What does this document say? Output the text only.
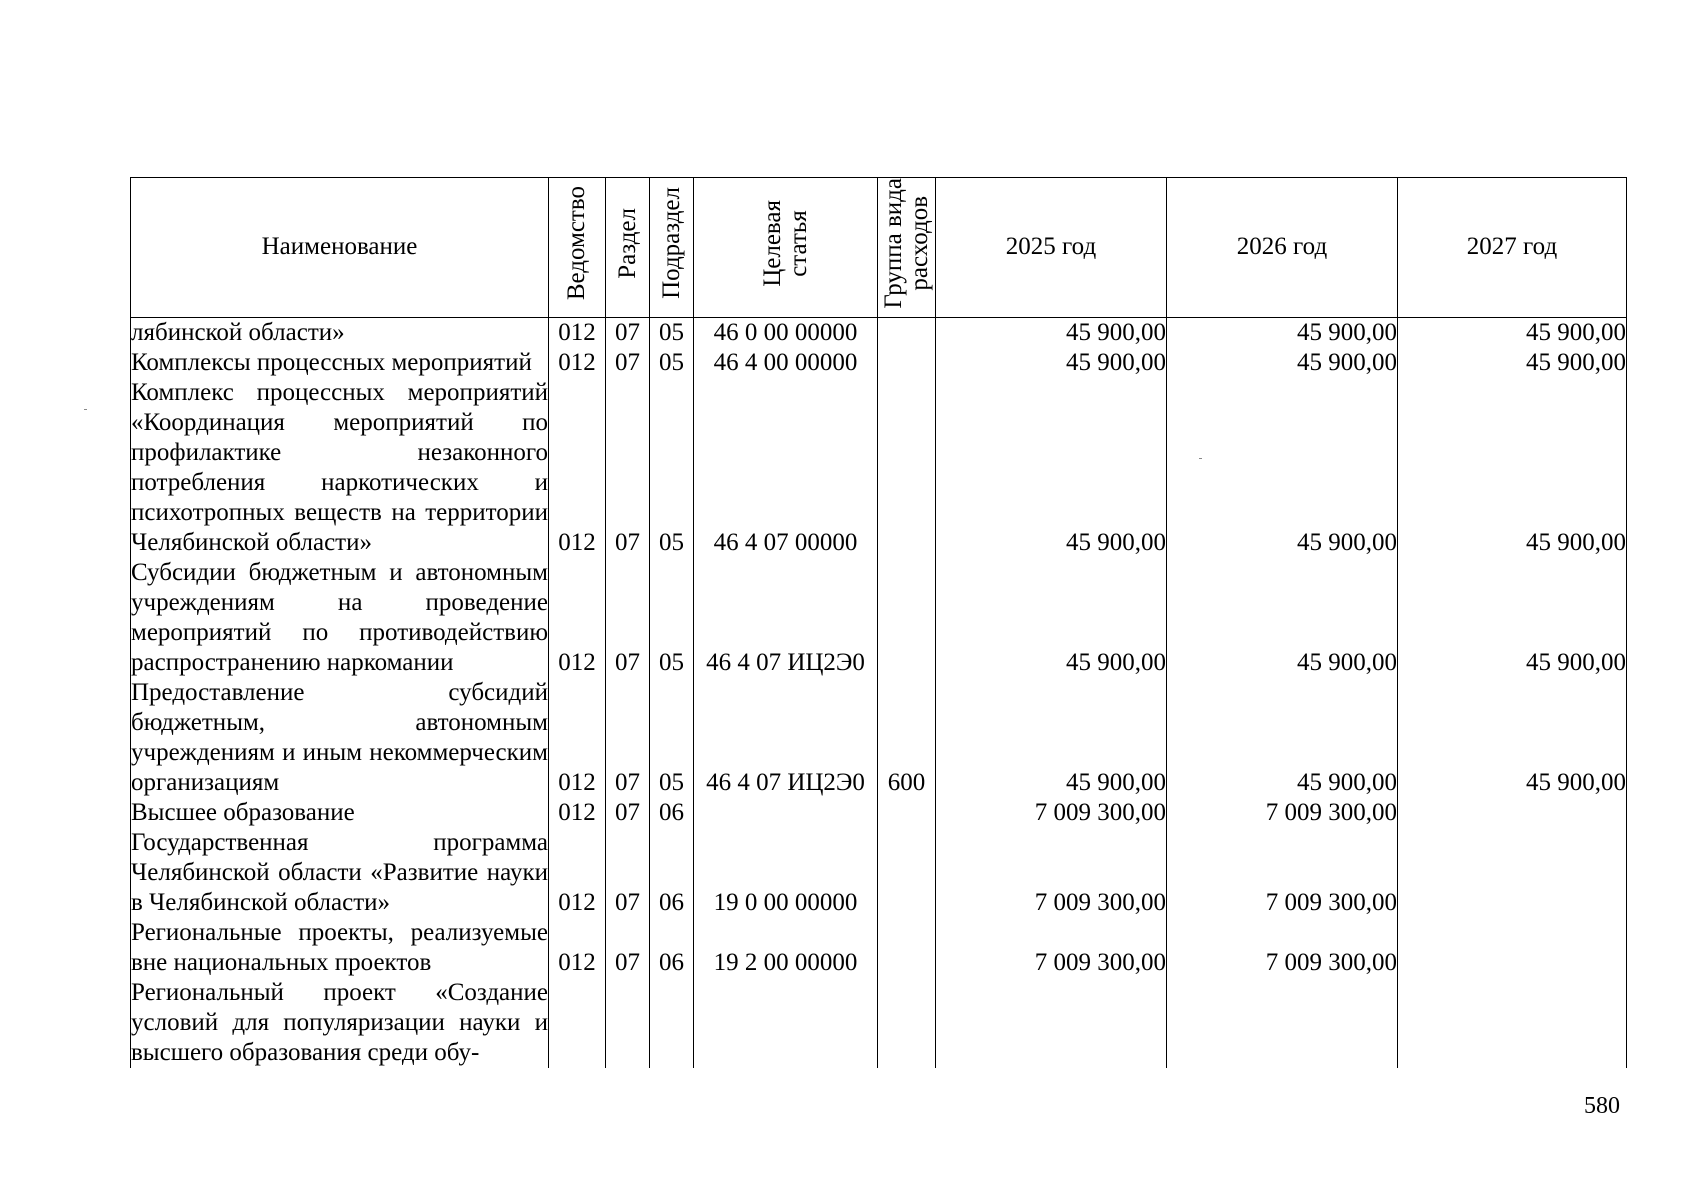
Наименование	Ведомство	Раздел	Подраздел	Целевая
статья	Группа вида
расходов	2025 год	2026 год	2027 год
лябинской области»	012	07	05	46 0 00 00000		45 900,00	45 900,00	45 900,00
Комплексы процессных мероприятий	012	07	05	46 4 00 00000		45 900,00	45 900,00	45 900,00
Комплекс процессных мероприятий «Координация мероприятий по профилактике незаконного потребления наркотических и психотропных веществ на территории Челябинской области»	012	07	05	46 4 07 00000		45 900,00	45 900,00	45 900,00
Субсидии бюджетным и автономным учреждениям на проведение мероприятий по противодействию распространению наркомании	012	07	05	46 4 07 ИЦ2Э0		45 900,00	45 900,00	45 900,00
Предоставление субсидий бюджетным, автономным учреждениям и иным некоммерческим организациям	012	07	05	46 4 07 ИЦ2Э0	600	45 900,00	45 900,00	45 900,00
Высшее образование	012	07	06			7 009 300,00	7 009 300,00	
Государственная программа Челябинской области «Развитие науки в Челябинской области»	012	07	06	19 0 00 00000		7 009 300,00	7 009 300,00	
Региональные проекты, реализуемые вне национальных проектов	012	07	06	19 2 00 00000		7 009 300,00	7 009 300,00	
Региональный проект «Создание условий для популяризации науки и высшего образования среди обу-								
580
